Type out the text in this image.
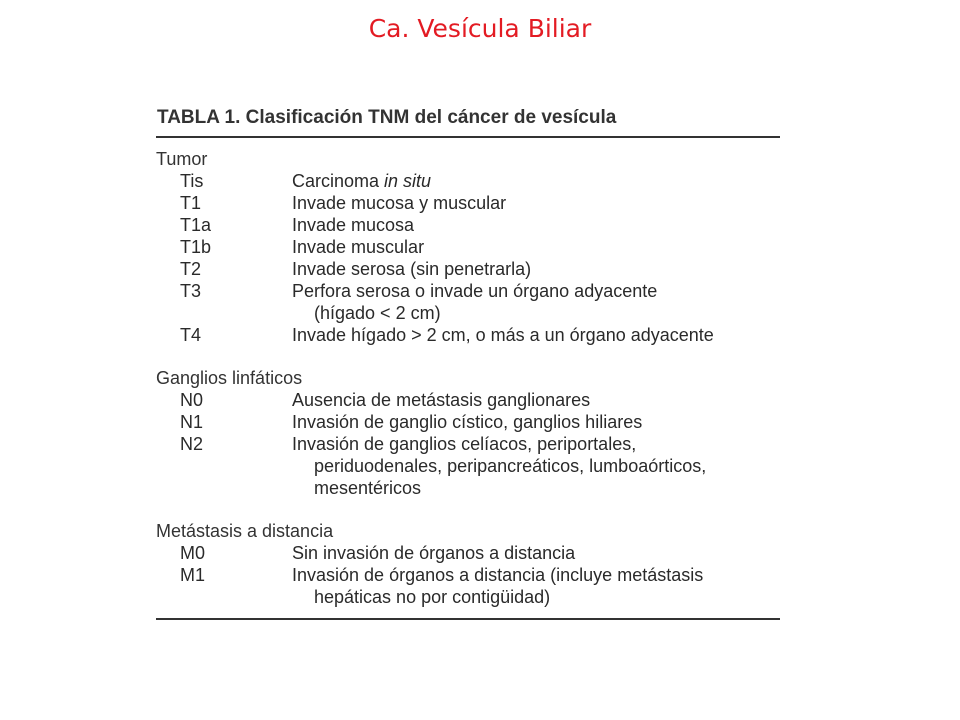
Ca. Vesícula Biliar
TABLA 1. Clasificación TNM del cáncer de vesícula
Tumor
Tis	Carcinoma in situ
T1	Invade mucosa y muscular
T1a	Invade mucosa
T1b	Invade muscular
T2	Invade serosa (sin penetrarla)
T3	Perfora serosa o invade un órgano adyacente
(hígado < 2 cm)
T4	Invade hígado > 2 cm, o más a un órgano adyacente
Ganglios linfáticos
N0	Ausencia de metástasis ganglionares
N1	Invasión de ganglio cístico, ganglios hiliares
N2	Invasión de ganglios celíacos, periportales,
periduodenales, peripancreáticos, lumboaórticos,
mesentéricos
Metástasis a distancia
M0	Sin invasión de órganos a distancia
M1	Invasión de órganos a distancia (incluye metástasis
hepáticas no por contigüidad)
